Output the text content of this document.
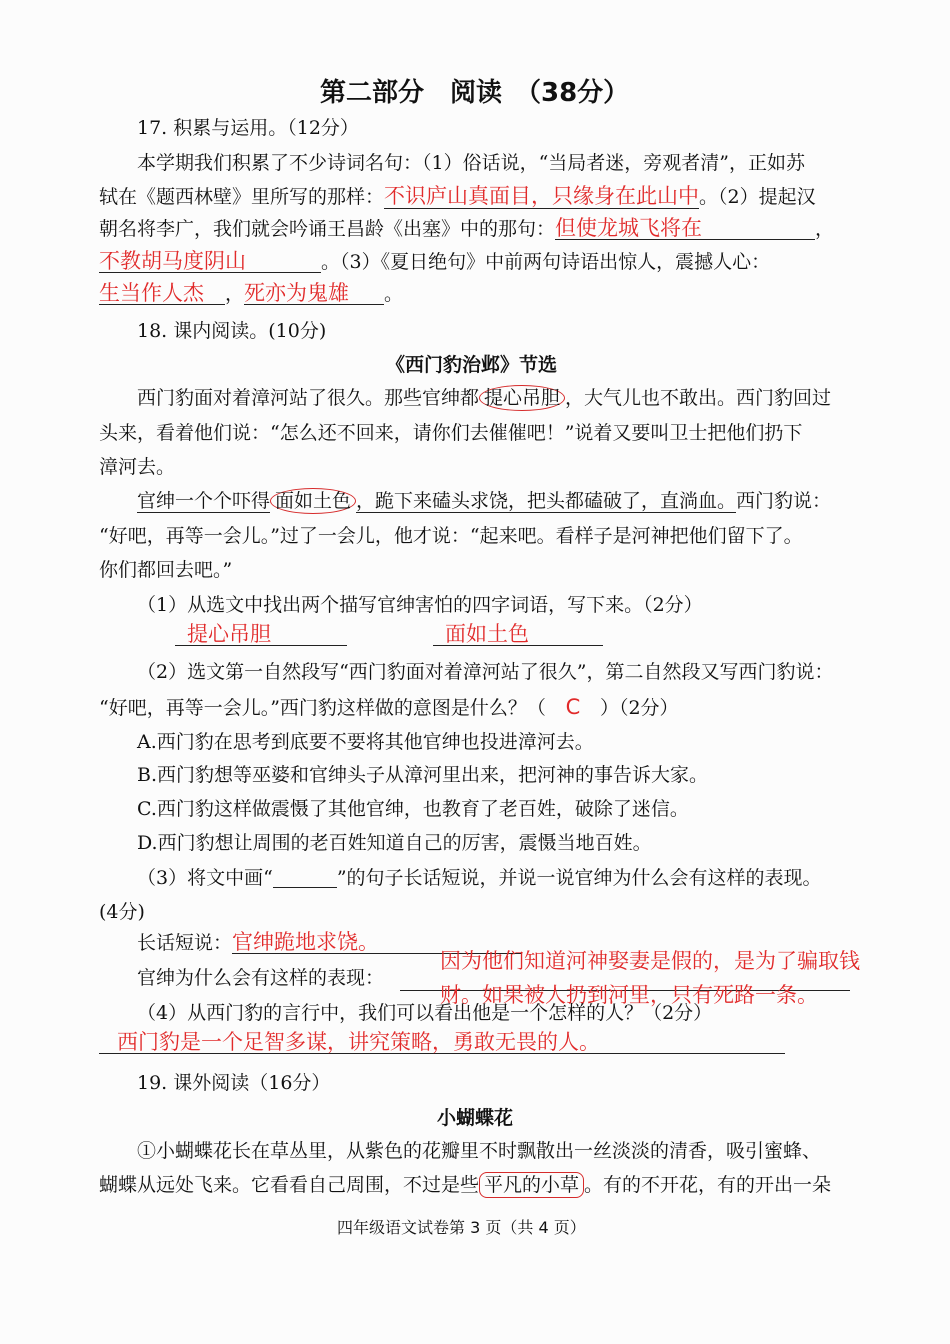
第二部分　阅读　（38分）
17. 积累与运用。（12分）
本学期我们积累了不少诗词名句：（1）俗话说，“当局者迷，旁观者清”，正如苏
轼在《题西林壁》里所写的那样：不识庐山真面目，只缘身在此山中。（2）提起汉
朝名将李广，我们就会吟诵王昌龄《出塞》中的那句：但使龙城飞将在	，
不教胡马度阴山	。（3）《夏日绝句》中前两句诗语出惊人，震撼人心：
生当作人杰 ，死亦为鬼雄 。
18. 课内阅读。(10分)
《西门豹治邺》节选
西门豹面对着漳河站了很久。那些官绅都 提心吊胆 ，大气儿也不敢出。西门豹回过
头来，看着他们说：“怎么还不回来，请你们去催催吧！”说着又要叫卫士把他们扔下
漳河去。
官绅一个个吓得 面如土色 ，跪下来磕头求饶，把头都磕破了，直淌血。西门豹说：
“好吧，再等一会儿。”过了一会儿，他才说：“起来吧。看样子是河神把他们留下了。
你们都回去吧。”
（1）从选文中找出两个描写官绅害怕的四字词语，写下来。（2分）
提心吊胆	面如土色
（2）选文第一自然段写“西门豹面对着漳河站了很久”，第二自然段又写西门豹说：
“好吧，再等一会儿。”西门豹这样做的意图是什么？（ C ）（2分）
A.西门豹在思考到底要不要将其他官绅也投进漳河去。
B.西门豹想等巫婆和官绅头子从漳河里出来，把河神的事告诉大家。
C.西门豹这样做震慑了其他官绅，也教育了老百姓，破除了迷信。
D.西门豹想让周围的老百姓知道自己的厉害，震慑当地百姓。
（3）将文中画“	”的句子长话短说，并说一说官绅为什么会有这样的表现。
(4分)
长话短说：官绅跪地求饶。
官绅为什么会有这样的表现：
因为他们知道河神娶妻是假的，是为了骗取钱
财。如果被人扔到河里，只有死路一条。
（4）从西门豹的言行中，我们可以看出他是一个怎样的人？（2分）
西门豹是一个足智多谋，讲究策略，勇敢无畏的人。
19. 课外阅读（16分）
小蝴蝶花
①小蝴蝶花长在草丛里，从紫色的花瓣里不时飘散出一丝淡淡的清香，吸引蜜蜂、
蝴蝶从远处飞来。它看看自己周围，不过是些 平凡的小草 。有的不开花，有的开出一朵
四年级语文试卷第 3 页（共 4 页）
